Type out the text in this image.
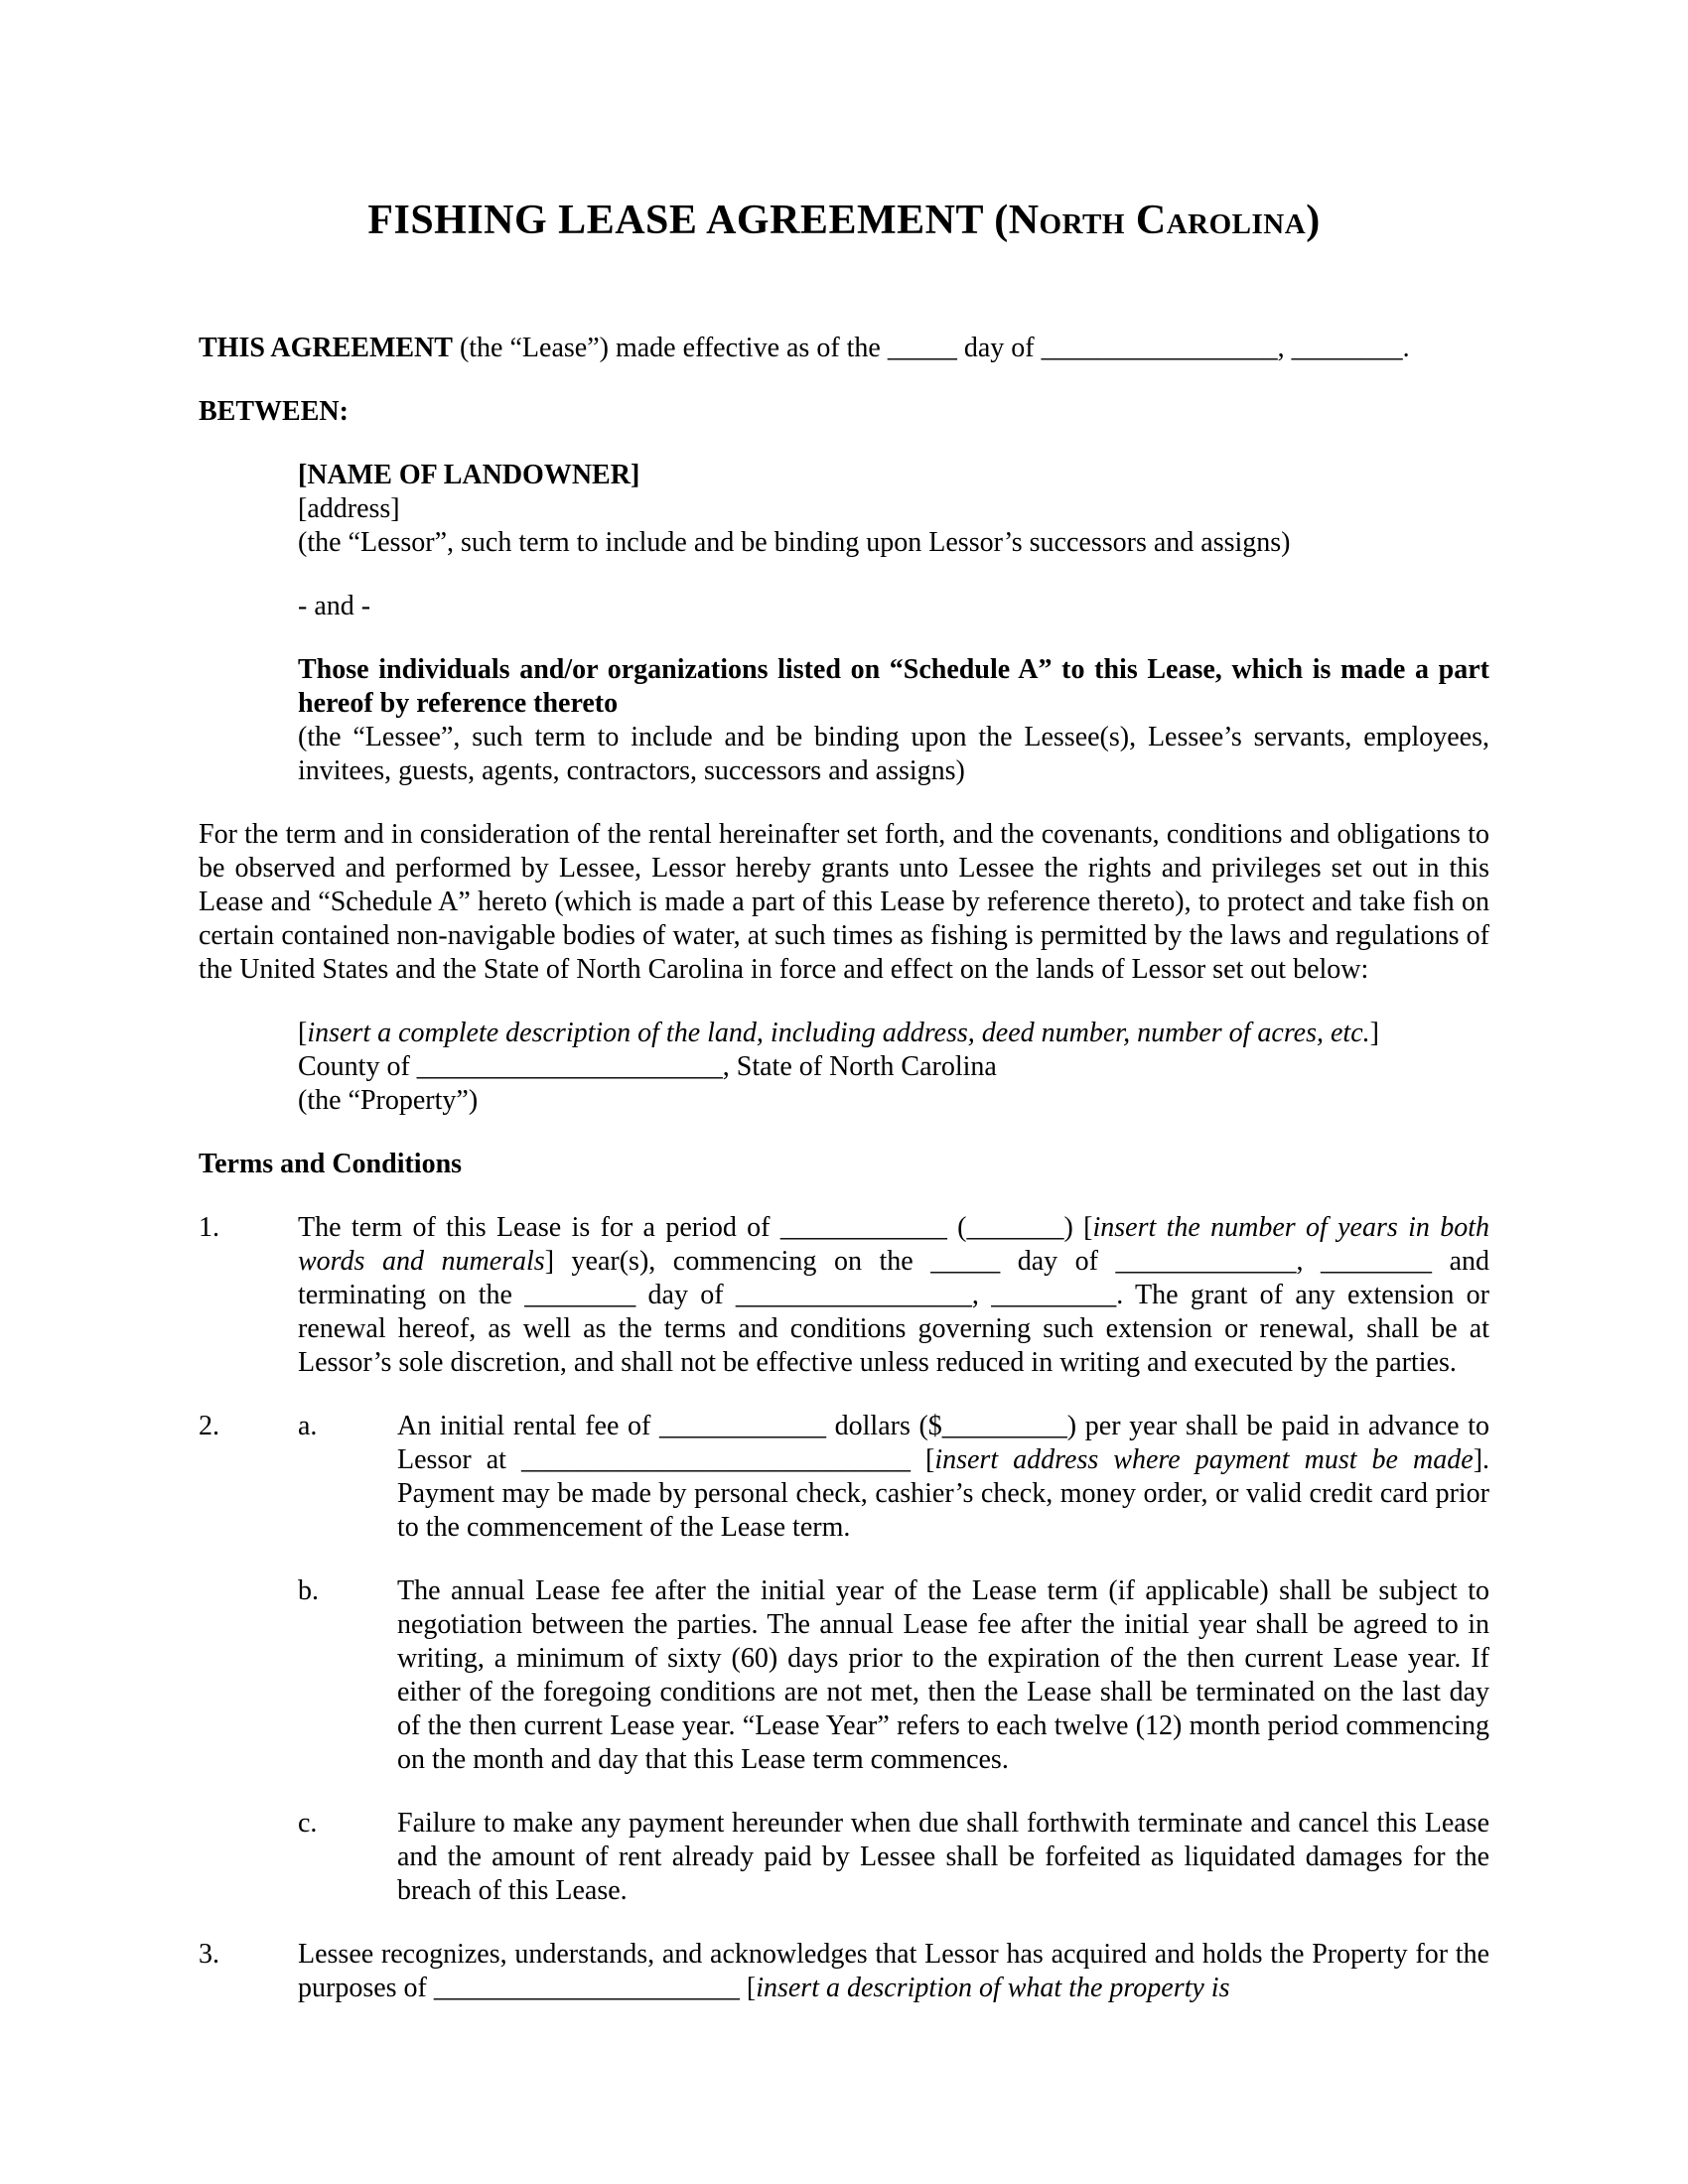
FISHING LEASE AGREEMENT (North Carolina)

THIS AGREEMENT (the “Lease”) made effective as of the _____ day of _________________, ________.

BETWEEN:

[NAME OF LANDOWNER]

[address]

(the “Lessor”, such term to include and be binding upon Lessor’s successors and assigns)

- and -

Those individuals and/or organizations listed on “Schedule A” to this Lease, which is made a part hereof by reference thereto

(the “Lessee”, such term to include and be binding upon the Lessee(s), Lessee’s servants, employees, invitees, guests, agents, contractors, successors and assigns)

For the term and in consideration of the rental hereinafter set forth, and the covenants, conditions and obligations to be observed and performed by Lessee, Lessor hereby grants unto Lessee the rights and privileges set out in this Lease and “Schedule A” hereto (which is made a part of this Lease by reference thereto), to protect and take fish on certain contained non-navigable bodies of water, at such times as fishing is permitted by the laws and regulations of the United States and the State of North Carolina in force and effect on the lands of Lessor set out below:

[insert a complete description of the land, including address, deed number, number of acres, etc.]

County of ______________________, State of North Carolina

(the “Property”)

Terms and Conditions

1.	The term of this Lease is for a period of ____________ (_______) [insert the number of years in both words and numerals] year(s), commencing on the _____ day of _____________, ________ and terminating on the ________ day of _________________, _________. The grant of any extension or renewal hereof, as well as the terms and conditions governing such extension or renewal, shall be at Lessor’s sole discretion, and shall not be effective unless reduced in writing and executed by the parties.
2.	a.	An initial rental fee of ____________ dollars ($_________) per year shall be paid in advance to Lessor at ____________________________ [insert address where payment must be made]. Payment may be made by personal check, cashier’s check, money order, or valid credit card prior to the commencement of the Lease term.
b.	The annual Lease fee after the initial year of the Lease term (if applicable) shall be subject to negotiation between the parties. The annual Lease fee after the initial year shall be agreed to in writing, a minimum of sixty (60) days prior to the expiration of the then current Lease year. If either of the foregoing conditions are not met, then the Lease shall be terminated on the last day of the then current Lease year. “Lease Year” refers to each twelve (12) month period commencing on the month and day that this Lease term commences.
c.	Failure to make any payment hereunder when due shall forthwith terminate and cancel this Lease and the amount of rent already paid by Lessee shall be forfeited as liquidated damages for the breach of this Lease.
3.	Lessee recognizes, understands, and acknowledges that Lessor has acquired and holds the Property for the purposes of ______________________ [insert a description of what the property is
